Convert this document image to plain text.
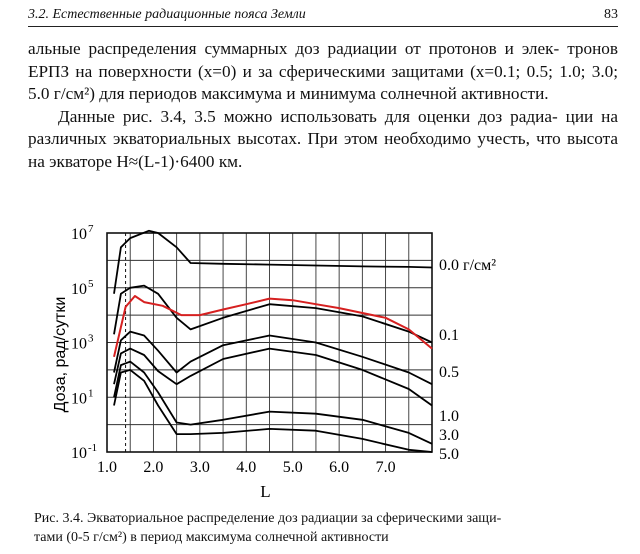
3.2. Естественные радиационные пояса Земли	83

альные распределения суммарных доз радиации от протонов и элек- тронов ЕРПЗ на поверхности (x=0) и за сферическими защитами (x=0.1; 0.5; 1.0; 3.0; 5.0 г/см²) для периодов максимума и минимума солнечной активности.

Данные рис. 3.4, 3.5 можно использовать для оценки доз радиа- ции на различных экваториальных высотах. При этом необходимо учесть, что высота на экваторе H≈(L-1)·6400 км.

1.0 2.0 3.0 4.0 5.0 6.0 7.0
10 -1
10 1
10 3
10 5
10 7
L
Доза, рад/сутки
0.0 г/см²
0.1
0.5
1.0
3.0
5.0
Рис. 3.4. Экваториальное распределение доз радиации за сферическими защи-
тами (0-5 г/см²) в период максимума солнечной активности
